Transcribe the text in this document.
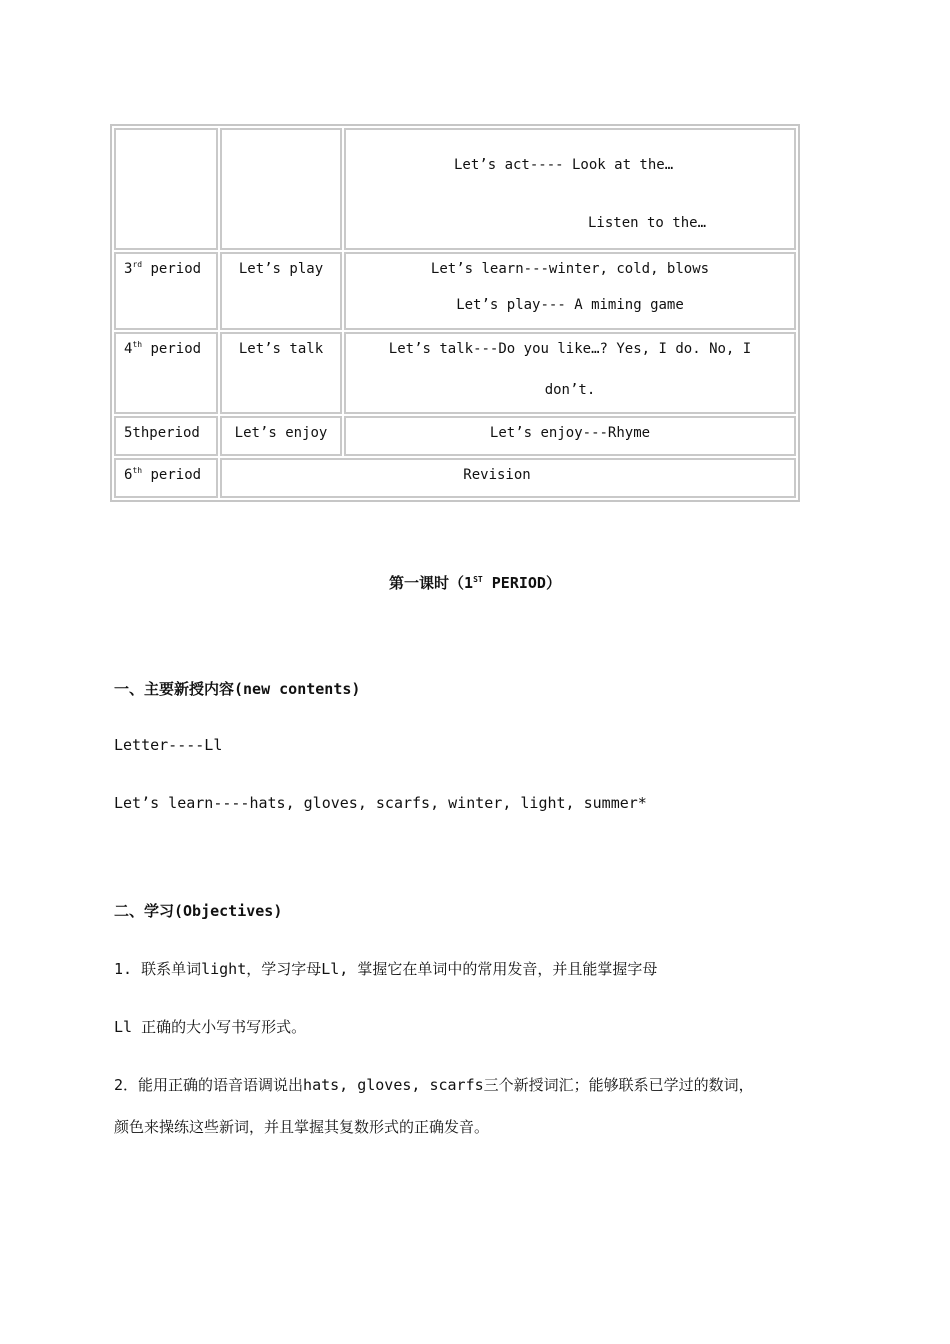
		Let’s act---- Look at the…
Listen to the…

3rd period	Let’s play	Let’s learn---winter, cold, blows
Let’s play--- A miming game

4th period	Let’s talk	Let’s talk---Do you like…? Yes, I do. No, I
don’t.

5thperiod	Let’s enjoy	Let’s enjoy---Rhyme

6th period	Revision	
第一课时（1ST PERIOD）
一、主要新授内容(new contents)
Letter----Ll
Let’s learn----hats, gloves, scarfs, winter, light, summer*
二、学习(Objectives)
1. 联系单词light，学习字母Ll, 掌握它在单词中的常用发音，并且能掌握字母
Ll 正确的大小写书写形式。
2．能用正确的语音语调说出hats, gloves, scarfs三个新授词汇；能够联系已学过的数词，
颜色来操练这些新词，并且掌握其复数形式的正确发音。
